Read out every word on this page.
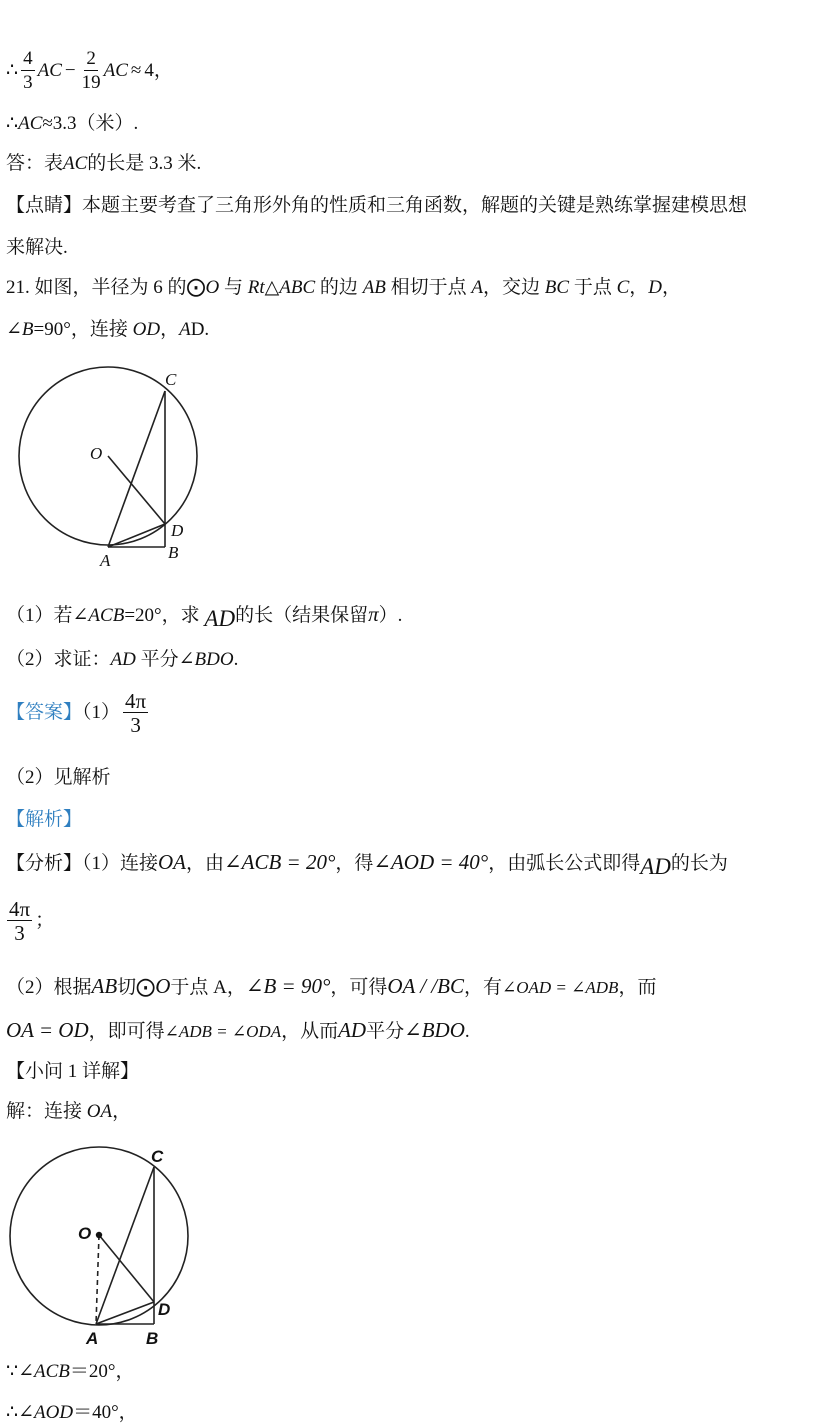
∴ $\frac{4}{3}$ AC − $\frac{2}{19}$ AC ≈ 4，
∴AC≈3.3（米）.
答：表AC的长是 3.3 米.
【点睛】本题主要考查了三角形外角的性质和三角函数，解题的关键是熟练掌握建模思想
来解决.
21. 如图，半径为 6 的⨀O 与 Rt△ABC 的边 AB 相切于点 A，交边 BC 于点 C，D，
∠B=90°，连接 OD，AD.
C
O
D
A	B
（1）若∠ACB=20°，求 AD的长（结果保留π）.
（2）求证：AD 平分∠BDO.
【答案】$(1) \frac{4\pi}{3}$
（2）见解析
【解析】
【分析】（1）连接OA，由∠ACB = 20°，得∠AOD = 40°，由弧长公式即得AD的长为
$\frac{4\pi}{3}$ ；
（2）根据AB切⨀O于点 A，∠B = 90°，可得OA / /BC，有∠OAD = ∠ADB，而
OA = OD，即可得∠ADB = ∠ODA，从而AD平分∠BDO.
【小问 1 详解】
解：连接 OA，
C
O
D
A	B
∵∠ACB＝20°，
∴∠AOD＝40°，
